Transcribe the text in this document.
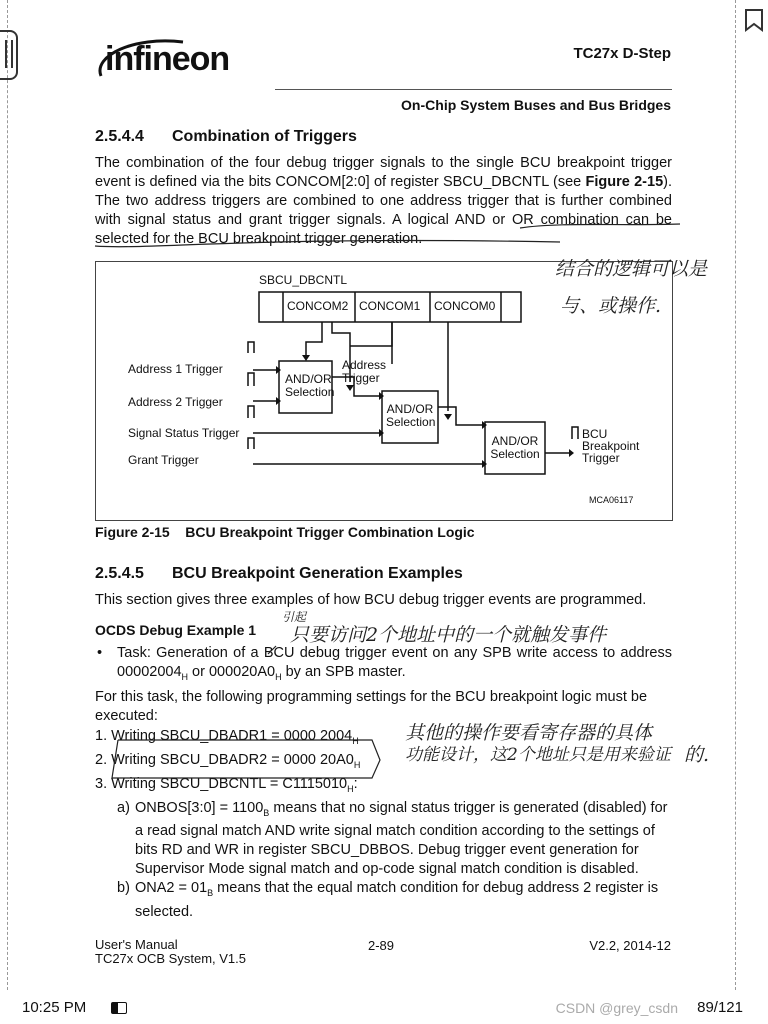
infineon	TC27x D-Step
On-Chip System Buses and Bus Bridges
2.5.4.4 Combination of Triggers
The combination of the four debug trigger signals to the single BCU breakpoint trigger event is defined via the bits CONCOM[2:0] of register SBCU_DBCNTL (see Figure 2-15). The two address triggers are combined to one address trigger that is further combined with signal status and grant trigger signals. A logical AND or OR combination can be selected for the BCU breakpoint trigger generation.
SBCU_DBCNTL
CONCOM2 CONCOM1 CONCOM0
Address 1 Trigger
Address 2 Trigger
Signal Status Trigger
Grant Trigger
AND/OR
Selection
AND/OR
Selection
AND/OR
Selection
Address
Trigger
BCU
Breakpoint
Trigger
MCA06117
Figure 2-15    BCU Breakpoint Trigger Combination Logic
2.5.4.5 BCU Breakpoint Generation Examples
This section gives three examples of how BCU debug trigger events are programmed.
OCDS Debug Example 1
• Task: Generation of a BCU debug trigger event on any SPB write access to address $00002004_H$ or $000020A0_H$ by an SPB master.
For this task, the following programming settings for the BCU breakpoint logic must be executed:
1. Writing SBCU_DBADR1 = 0000 $2004_H$
2. Writing SBCU_DBADR2 = 0000 $20A0_H$
3. Writing SBCU_DBCNTL = $C1115010_H$:
a) ONBOS[3:0] = $1100_B$ means that no signal status trigger is generated (disabled) for a read signal match AND write signal match condition according to the settings of bits RD and WR in register SBCU_DBBOS. Debug trigger event generation for Supervisor Mode signal match and op-code signal match condition is disabled.
b) $ONA2 = 01_B$ means that the equal match condition for debug address 2 register is selected.
User's Manual
TC27x OCB System, V1.5
2-89	V2.2, 2014-12
结合的逻辑可以是
与、或操作.
引起
只要访问2个地址中的一个就触发事件
其他的操作要看寄存器的具体
功能设计，这2个地址只是用来验证 的.
10:25 PM	CSDN @grey_csdn 89/121
